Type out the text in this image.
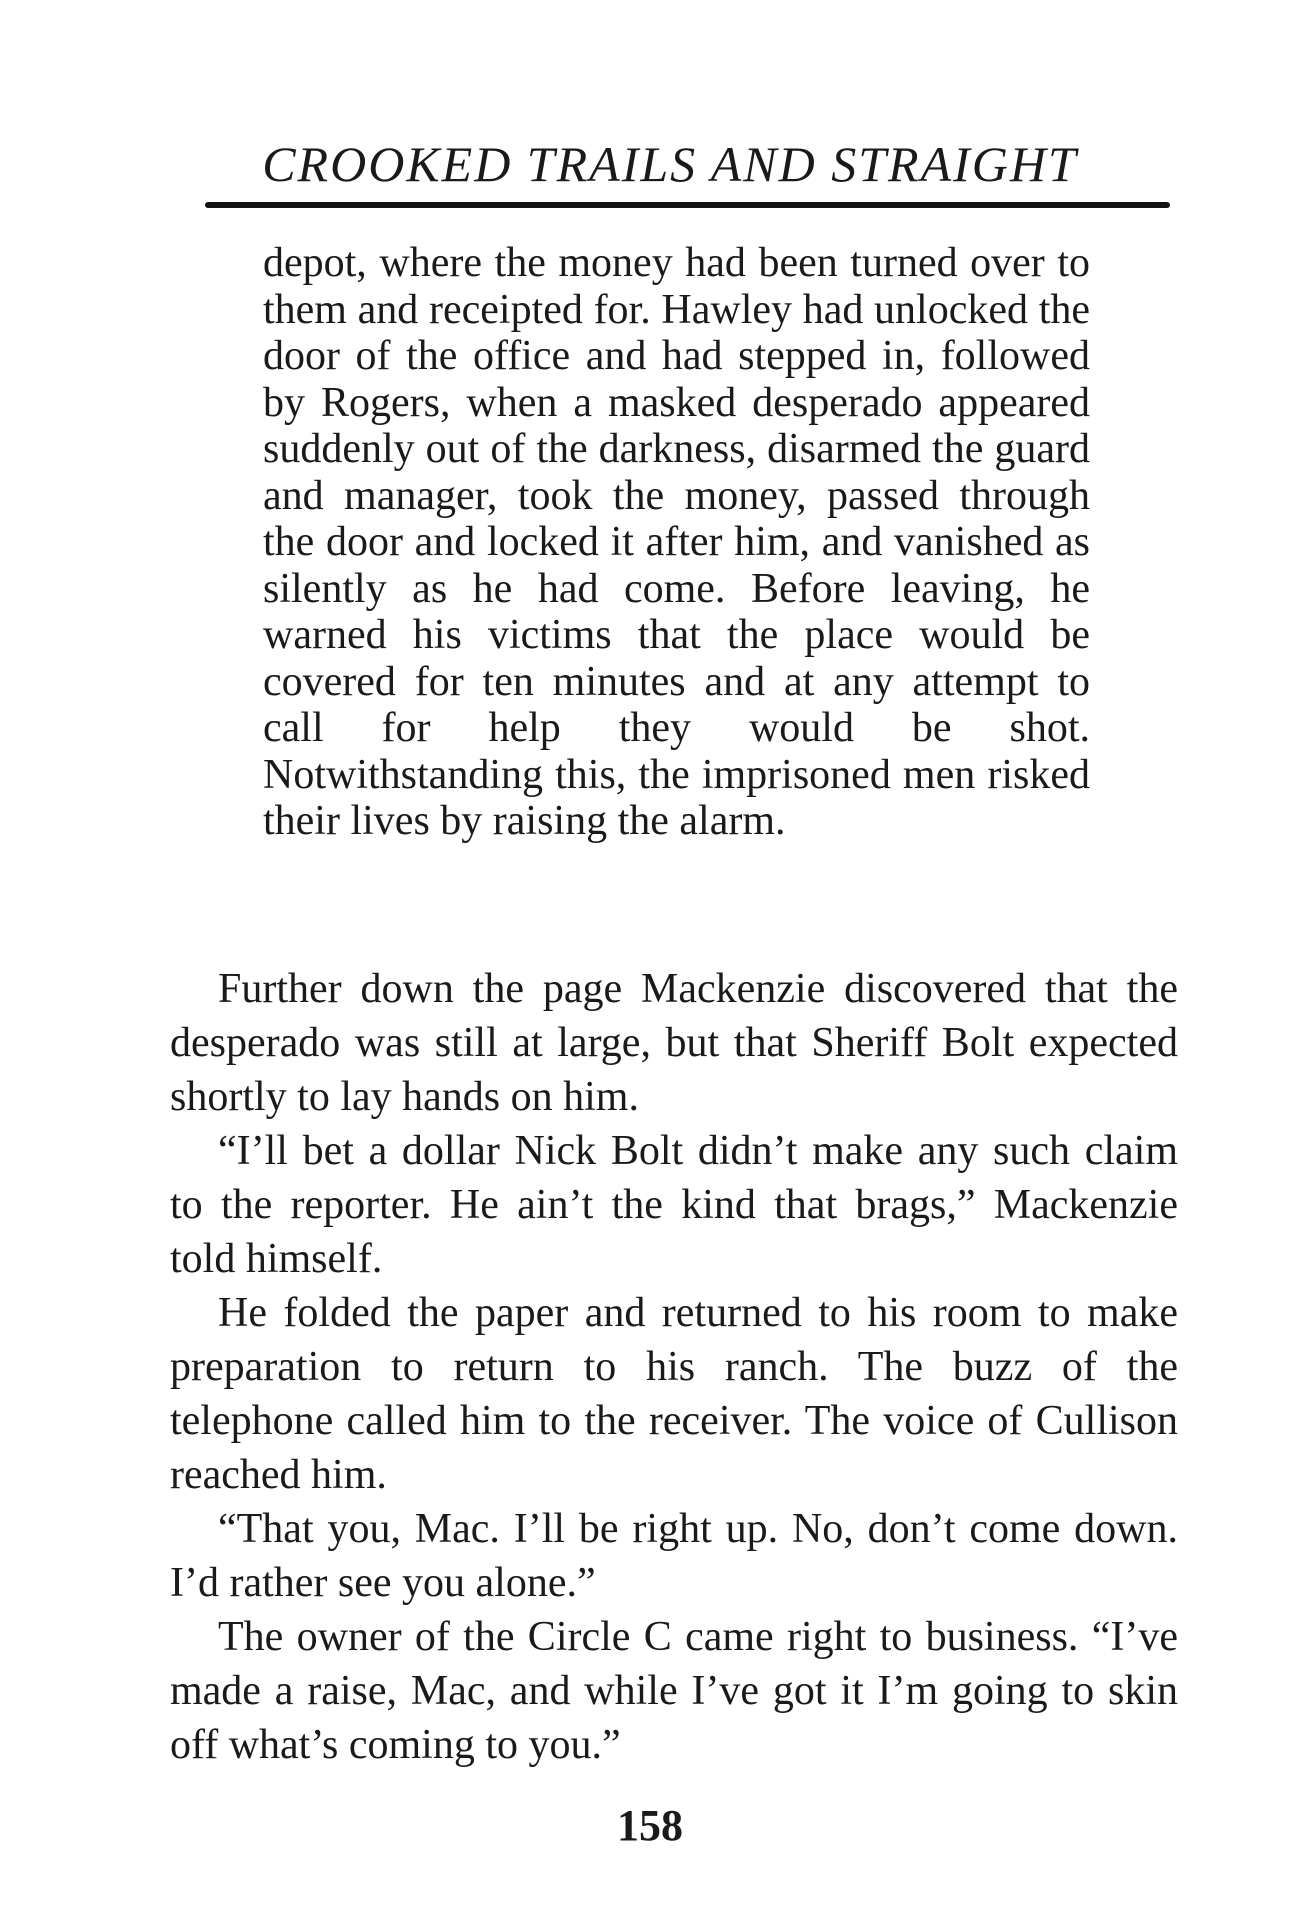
CROOKED TRAILS AND STRAIGHT

depot, where the money had been turned over to them and receipted for. Hawley had unlocked the door of the office and had stepped in, followed by Rogers, when a masked desperado appeared suddenly out of the darkness, disarmed the guard and manager, took the money, passed through the door and locked it after him, and vanished as silently as he had come. Before leaving, he warned his victims that the place would be covered for ten minutes and at any attempt to call for help they would be shot. Notwithstanding this, the imprisoned men risked their lives by raising the alarm.

Further down the page Mackenzie discovered that the desperado was still at large, but that Sheriff Bolt expected shortly to lay hands on him.

“I’ll bet a dollar Nick Bolt didn’t make any such claim to the reporter. He ain’t the kind that brags,” Mackenzie told himself.

He folded the paper and returned to his room to make preparation to return to his ranch. The buzz of the telephone called him to the receiver. The voice of Cullison reached him.

“That you, Mac. I’ll be right up. No, don’t come down. I’d rather see you alone.”

The owner of the Circle C came right to business. “I’ve made a raise, Mac, and while I’ve got it I’m going to skin off what’s coming to you.”

158
